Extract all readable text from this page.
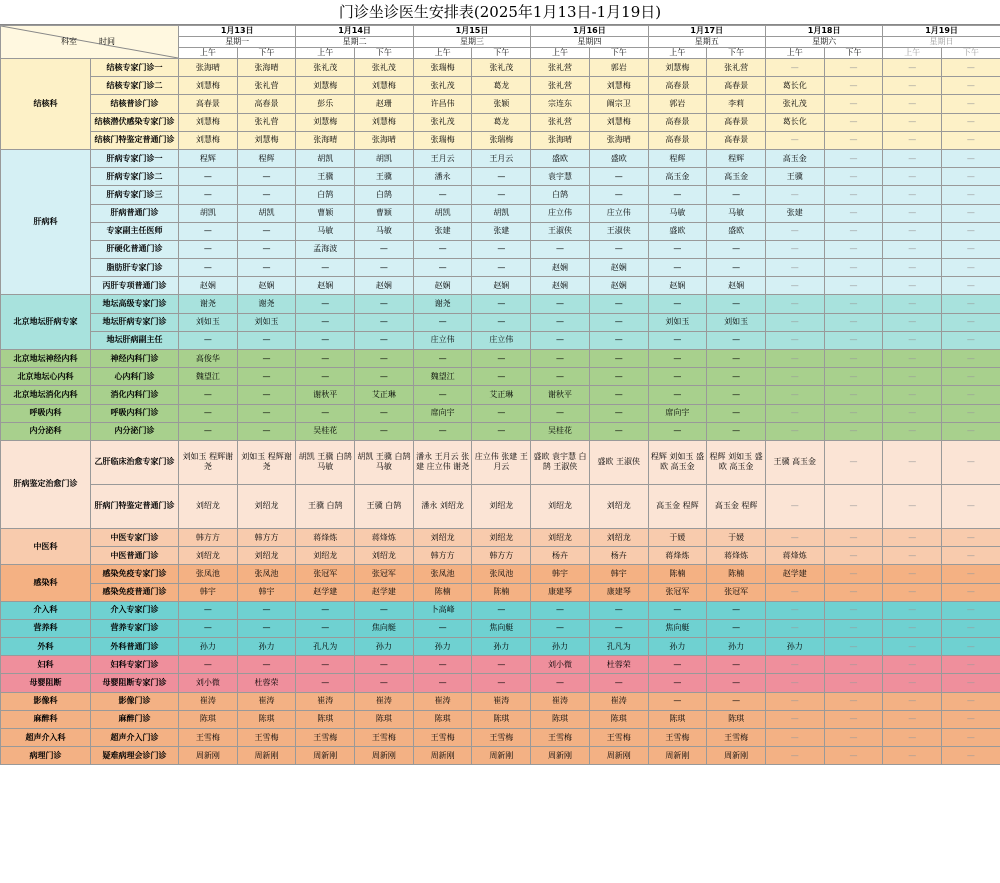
门诊坐诊医生安排表(2025年1月13日-1月19日)
科室 时间		1月13日		1月14日		1月15日		1月16日		1月17日		1月18日		1月19日	
		星期一		星期二		星期三		星期四		星期五		星期六		星期日	
		上午	下午	上午	下午	上午	下午	上午	下午	上午	下午	上午	下午	上午	下午
结核科	结核专家门诊一	张海晴	张海晴	张礼茂	张礼茂	张瑞梅	张礼茂	张礼营	郭岩	刘慧梅	张礼营	—	—	—	—
	结核专家门诊二	刘慧梅	张礼营	刘慧梅	刘慧梅	张礼茂	葛龙	张礼营	刘慧梅	高春景	高春景	葛长化	—	—	—
	结核普诊门诊	高春景	高春景	彭乐	赵珊	许昌伟	张颖	宗连东	阚宗卫	郭岩	李莉	张礼茂	—	—	—
	结核潜伏感染专家门诊	刘慧梅	张礼营	刘慧梅	刘慧梅	张礼茂	葛龙	张礼营	刘慧梅	高春景	高春景	葛长化	—	—	—
	结核门特鉴定普通门诊	刘慧梅	刘慧梅	张海晴	张海晴	张瑞梅	张瑞梅	张海晴	张海晴	高春景	高春景	—	—	—	—
肝病科	肝病专家门诊一	程辉	程辉	胡凯	胡凯	王月云	王月云	盛欧	盛欧	程辉	程辉	高玉金	—	—	—
	肝病专家门诊二	—	—	王骥	王骥	潘永	—	袁宇慧	—	高玉金	高玉金	王骥	—	—	—
	肝病专家门诊三	—	—	白鹄	白鹄	—	—	白鹄	—	—	—	—	—	—	—
	肝病普通门诊	胡凯	胡凯	曹颖	曹颖	胡凯	胡凯	庄立伟	庄立伟	马敏	马敏	张建	—	—	—
	专家副主任医师	—	—	马敏	马敏	张建	张建	王淑侠	王淑侠	盛欧	盛欧	—	—	—	—
	肝硬化普通门诊	—	—	孟海波	—	—	—	—	—	—	—	—	—	—	—
	脂肪肝专家门诊	—	—	—	—	—	—	赵娴	赵娴	—	—	—	—	—	—
	丙肝专项普通门诊	赵娴	赵娴	赵娴	赵娴	赵娴	赵娴	赵娴	赵娴	赵娴	赵娴	—	—	—	—
北京地坛肝病专家	地坛高级专家门诊	谢尧	谢尧	—	—	谢尧	—	—	—	—	—	—	—	—	—
	地坛肝病专家门诊	刘如玉	刘如玉	—	—	—	—	—	—	刘如玉	刘如玉	—	—	—	—
	地坛肝病副主任	—	—	—	—	庄立伟	庄立伟	—	—	—	—	—	—	—	—
北京地坛神经内科	神经内科门诊	高俊华	—	—	—	—	—	—	—	—	—	—	—	—	—
北京地坛心内科	心内科门诊	魏望江	—	—	—	魏望江	—	—	—	—	—	—	—	—	—
北京地坛消化内科	消化内科门诊	—	—	谢秋平	艾正琳	—	艾正琳	谢秋平	—	—	—	—	—	—	—
呼吸内科	呼吸内科门诊	—	—	—	—	席向宇	—	—	—	席向宇	—	—	—	—	—
内分泌科	内分泌门诊	—	—	吴桂花	—	—	—	吴桂花	—	—	—	—	—	—	—
肝病鉴定治愈门诊	乙肝临床治愈专家门诊	刘如玉 程辉谢尧	刘如玉 程辉谢尧	胡凯 王骥 白鹄 马敏	胡凯 王骥 白鹄 马敏	潘永 王月云 张建 庄立伟 谢尧	庄立伟 张建 王月云	盛欧 袁宇慧 白鹄 王淑侠	盛欧 王淑侠	程辉 刘如玉 盛欧 高玉金	程辉 刘如玉 盛欧 高玉金	王骥 高玉金	—	—	—
	肝病门特鉴定普通门诊	刘绍龙	刘绍龙	王骥 白鹄	王骥 白鹄	潘永 刘绍龙	刘绍龙	刘绍龙	刘绍龙	高玉金 程辉	高玉金 程辉	—	—	—	—
中医科	中医专家门诊	韩方方	韩方方	蒋烽炼	蒋烽炼	刘绍龙	刘绍龙	刘绍龙	刘绍龙	于媛	于媛	—	—	—	—
	中医普通门诊	刘绍龙	刘绍龙	刘绍龙	刘绍龙	韩方方	韩方方	杨卉	杨卉	蒋烽炼	蒋烽炼	蒋烽炼	—	—	—
感染科	感染免疫专家门诊	张凤池	张凤池	张冠军	张冠军	张凤池	张凤池	韩宇	韩宇	陈楠	陈楠	赵学建	—	—	—
	感染免疫普通门诊	韩宇	韩宇	赵学建	赵学建	陈楠	陈楠	康建琴	康建琴	张冠军	张冠军	—	—	—	—
介入科	介入专家门诊	—	—	—	—	卜高峰	—	—	—	—	—	—	—	—	—
营养科	营养专家门诊	—	—	—	焦向艇	—	焦向艇	—	—	焦向艇	—	—	—	—	—
外科	外科普通门诊	孙力	孙力	孔凡为	孙力	孙力	孙力	孙力	孔凡为	孙力	孙力	孙力	—	—	—
妇科	妇科专家门诊	—	—	—	—	—	—	刘小微	杜蓉荣	—	—	—	—	—	—
母婴阻断	母婴阻断专家门诊	刘小微	杜蓉荣	—	—	—	—	—	—	—	—	—	—	—	—
影像科	影像门诊	崔涛	崔涛	崔涛	崔涛	崔涛	崔涛	崔涛	崔涛	—	—	—	—	—	—
麻醉科	麻醉门诊	陈琪	陈琪	陈琪	陈琪	陈琪	陈琪	陈琪	陈琪	陈琪	陈琪	—	—	—	—
超声介入科	超声介入门诊	王雪梅	王雪梅	王雪梅	王雪梅	王雪梅	王雪梅	王雪梅	王雪梅	王雪梅	王雪梅	—	—	—	—
病理门诊	疑难病理会诊门诊	周新刚	周新刚	周新刚	周新刚	周新刚	周新刚	周新刚	周新刚	周新刚	周新刚	—	—	—	—
